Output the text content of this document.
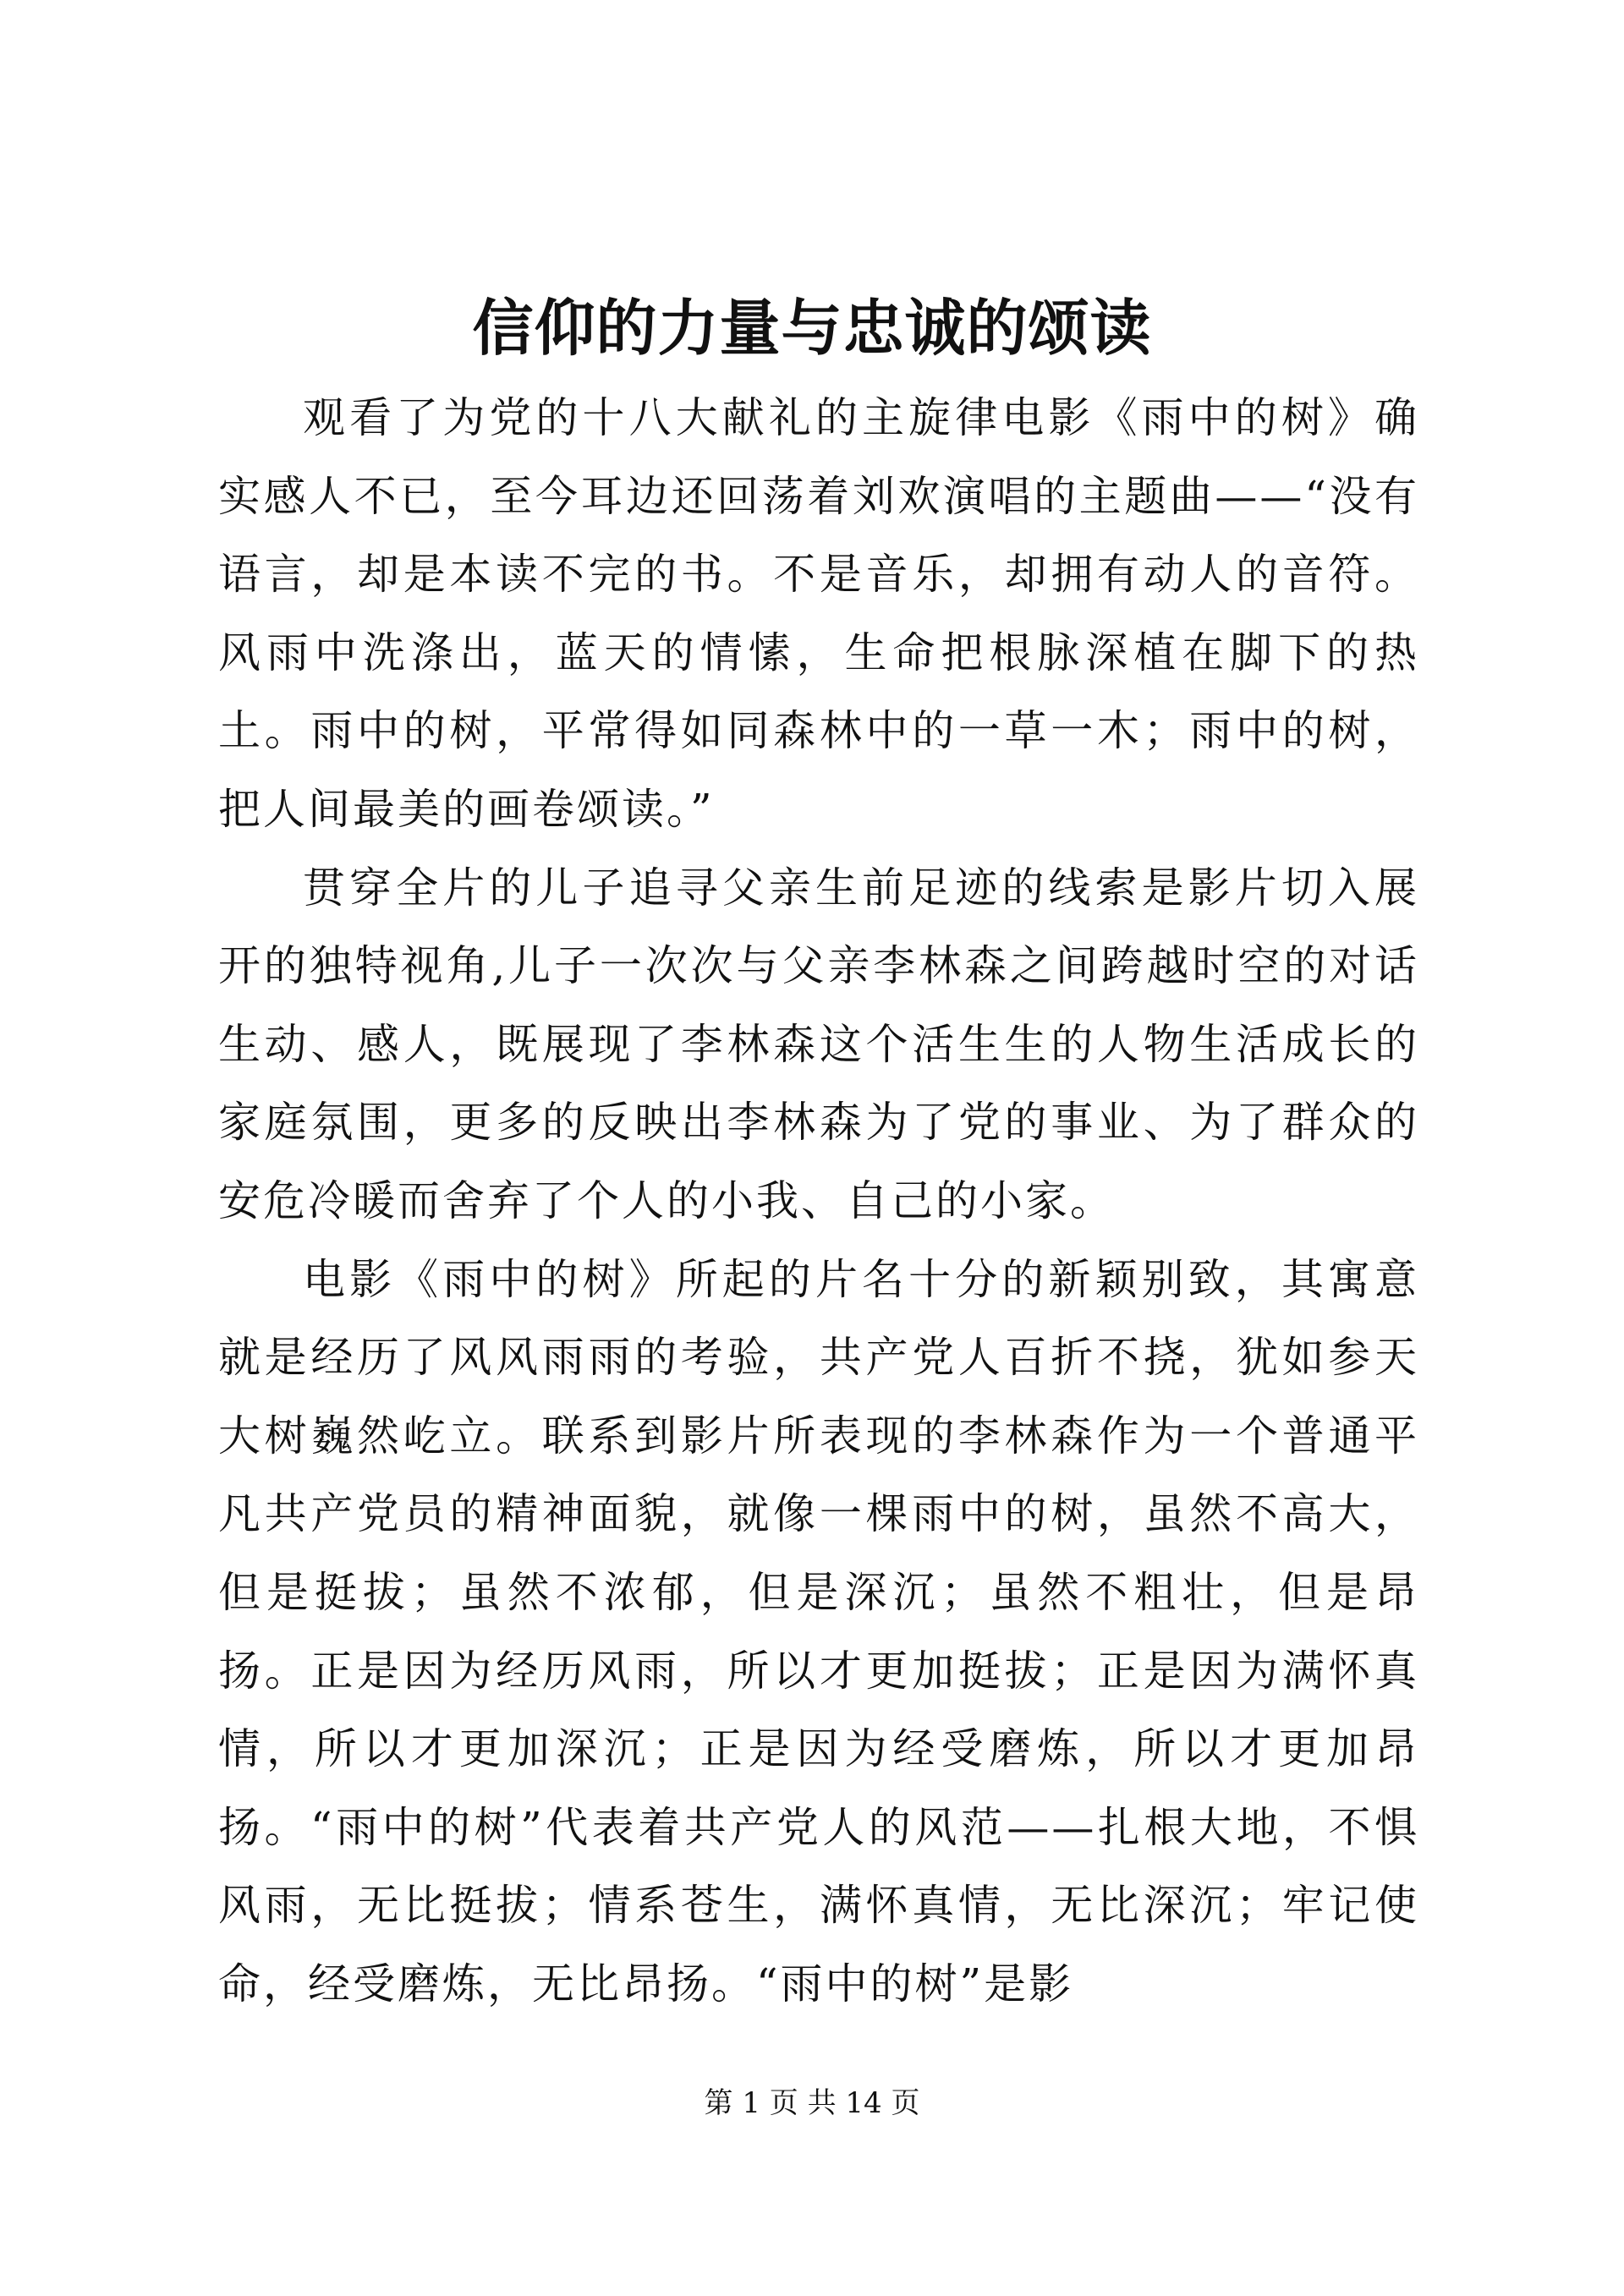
信仰的力量与忠诚的颂读

观看了为党的十八大献礼的主旋律电影《雨中的树》确实感人不已，至今耳边还回荡着刘欢演唱的主题曲——“没有语言，却是本读不完的书。不是音乐，却拥有动人的音符。风雨中洗涤出，蓝天的情愫，生命把根脉深植在脚下的热土。雨中的树，平常得如同森林中的一草一木；雨中的树，把人间最美的画卷颂读。”

贯穿全片的儿子追寻父亲生前足迹的线索是影片切入展开的独特视角,儿子一次次与父亲李林森之间跨越时空的对话生动、感人，既展现了李林森这个活生生的人物生活成长的家庭氛围，更多的反映出李林森为了党的事业、为了群众的安危冷暖而舍弃了个人的小我、自己的小家。

电影《雨中的树》所起的片名十分的新颖别致，其寓意就是经历了风风雨雨的考验，共产党人百折不挠，犹如参天大树巍然屹立。联系到影片所表现的李林森作为一个普通平凡共产党员的精神面貌，就像一棵雨中的树，虽然不高大，但是挺拔；虽然不浓郁，但是深沉；虽然不粗壮，但是昂扬。正是因为经历风雨，所以才更加挺拔；正是因为满怀真情，所以才更加深沉；正是因为经受磨炼，所以才更加昂扬。“雨中的树”代表着共产党人的风范——扎根大地，不惧风雨，无比挺拔；情系苍生，满怀真情，无比深沉；牢记使命，经受磨炼，无比昂扬。“雨中的树”是影

第 1 页 共 14 页
